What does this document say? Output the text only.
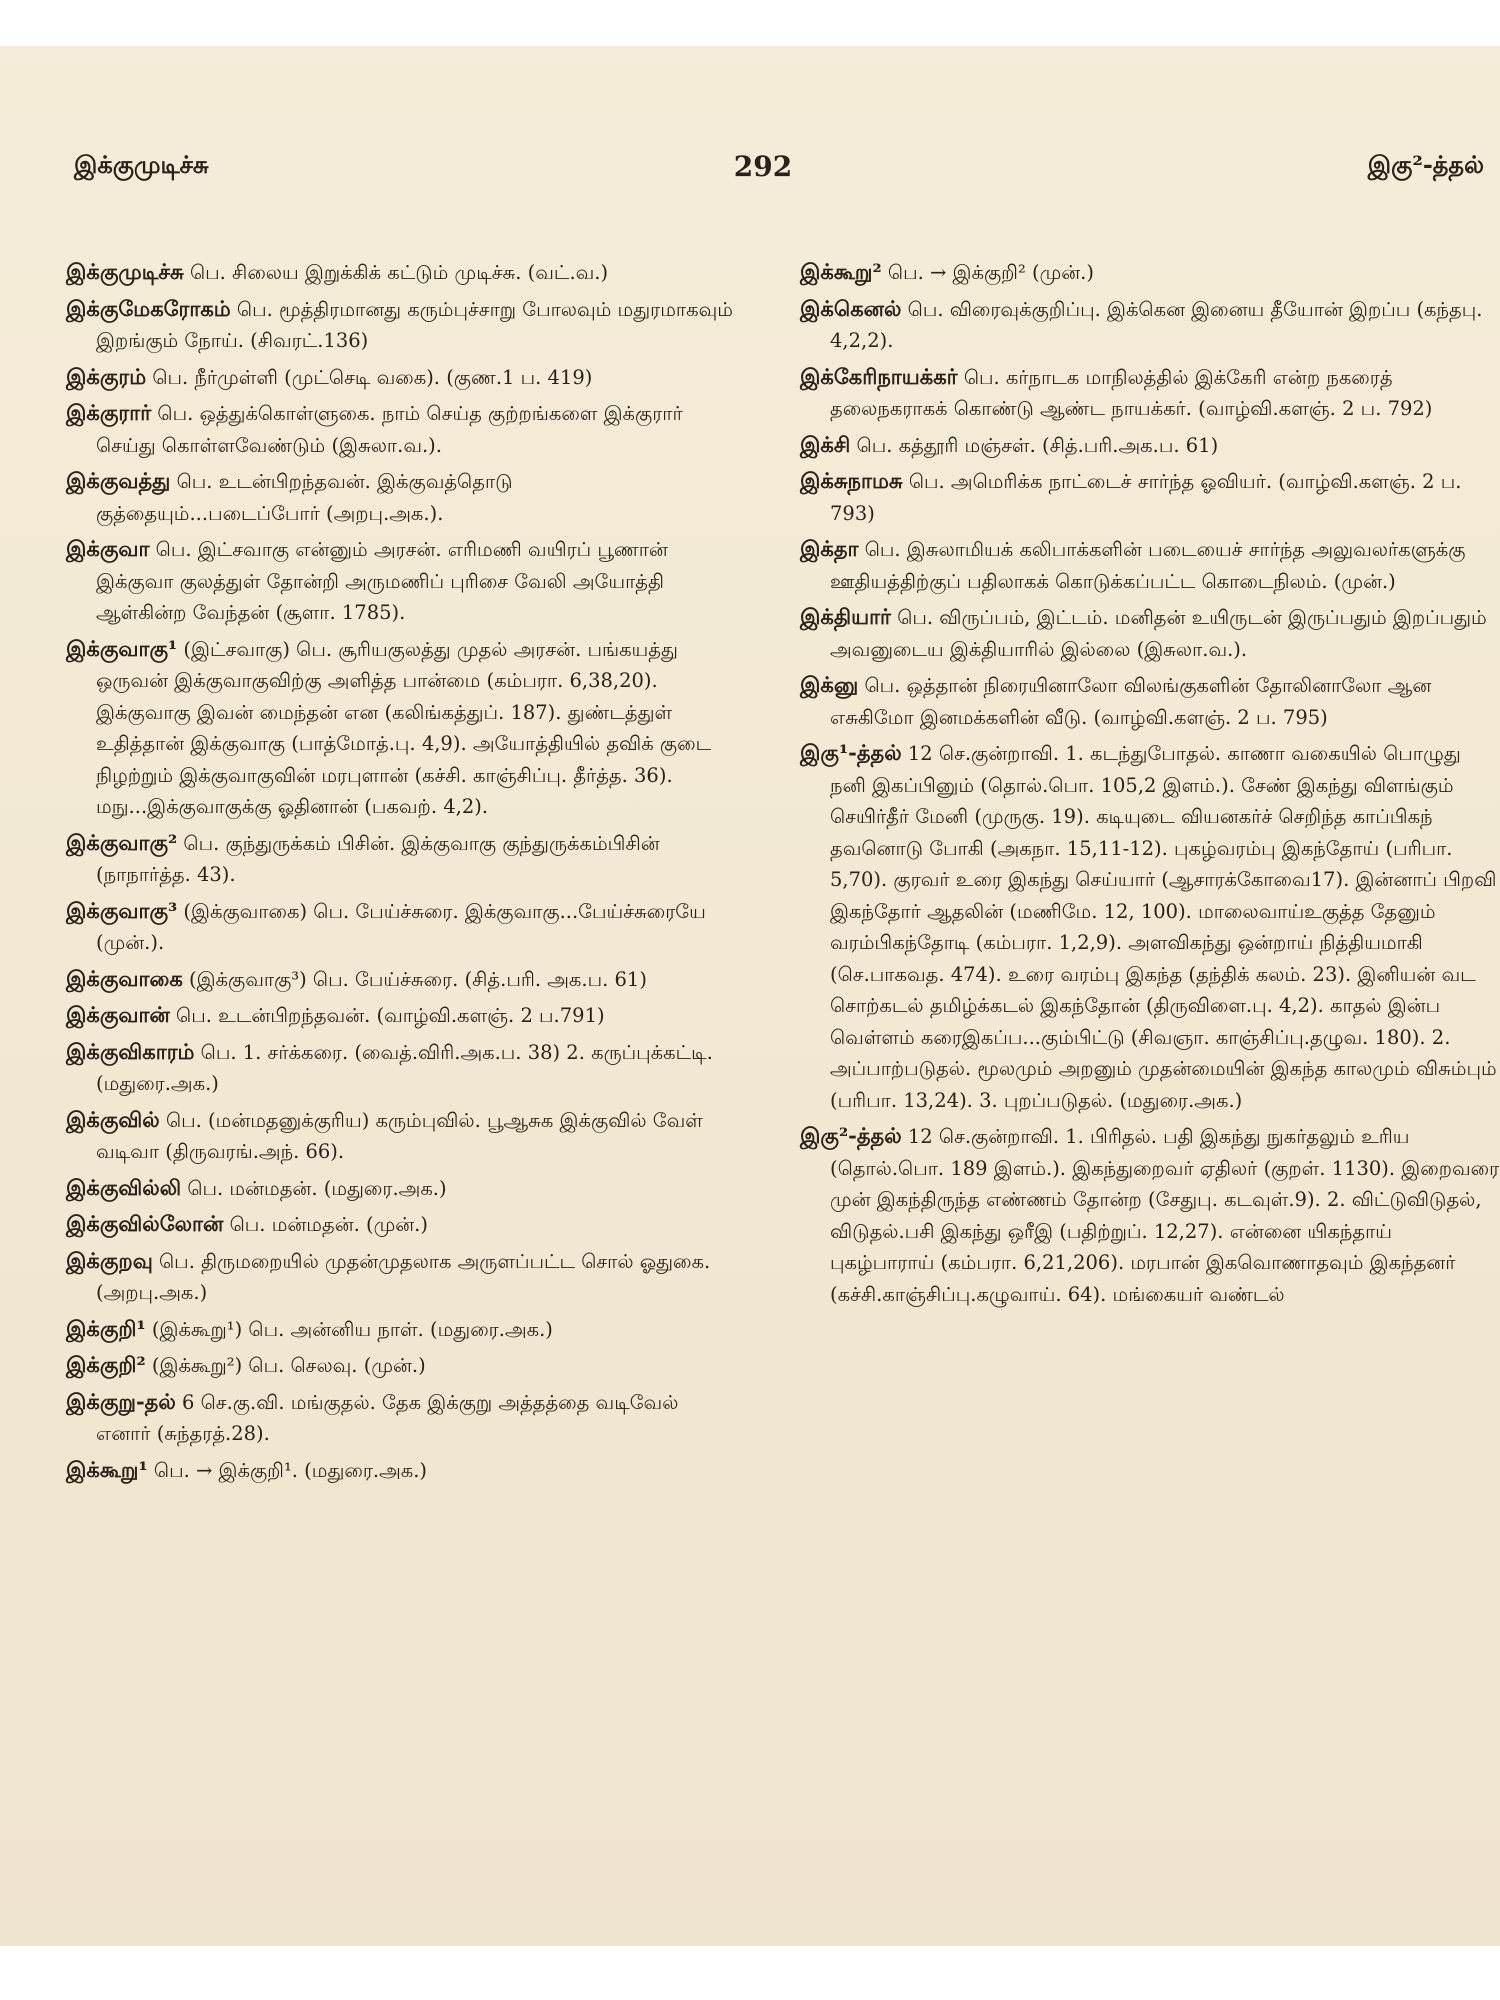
இக்குமுடிச்சு	292	இகு²-த்தல்

இக்குமுடிச்சு பெ. சிலைய இறுக்கிக் கட்டும் முடிச்சு. (வட்.வ.)

இக்குமேகரோகம் பெ. மூத்திரமானது கரும்புச்சாறு போலவும் மதுரமாகவும் இறங்கும் நோய். (சிவரட்.136)

இக்குரம் பெ. நீர்முள்ளி (முட்செடி வகை). (குண.1 ப. 419)

இக்குரார் பெ. ஒத்துக்கொள்ளுகை. நாம் செய்த குற்றங்களை இக்குரார் செய்து கொள்ளவேண்டும் (இசுலா.வ.).

இக்குவத்து பெ. உடன்பிறந்தவன். இக்குவத்தொடு குத்தையும்...படைப்போர் (அறபு.அக.).

இக்குவா பெ. இட்சவாகு என்னும் அரசன். எரிமணி வயிரப் பூணான் இக்குவா குலத்துள் தோன்றி அருமணிப் புரிசை வேலி அயோத்தி ஆள்கின்ற வேந்தன் (சூளா. 1785).

இக்குவாகு¹ (இட்சவாகு) பெ. சூரியகுலத்து முதல் அரசன். பங்கயத்து ஒருவன் இக்குவாகுவிற்கு அளித்த பான்மை (கம்பரா. 6,38,20). இக்குவாகு இவன் மைந்தன் என (கலிங்கத்துப். 187). துண்டத்துள் உதித்தான் இக்குவாகு (பாத்மோத்.பு. 4,9). அயோத்தியில் தவிக் குடை நிழற்றும் இக்குவாகுவின் மரபுளான் (கச்சி. காஞ்சிப்பு. தீர்த்த. 36). மநு...இக்குவாகுக்கு ஓதினான் (பகவற். 4,2).

இக்குவாகு² பெ. குந்துருக்கம் பிசின். இக்குவாகு குந்துருக்கம்பிசின் (நாநார்த்த. 43).

இக்குவாகு³ (இக்குவாகை) பெ. பேய்ச்சுரை. இக்குவாகு...பேய்ச்சுரையே (முன்.).

இக்குவாகை (இக்குவாகு³) பெ. பேய்ச்சுரை. (சித்.பரி. அக.ப. 61)

இக்குவான் பெ. உடன்பிறந்தவன். (வாழ்வி.களஞ். 2 ப.791)

இக்குவிகாரம் பெ. 1. சர்க்கரை. (வைத்.விரி.அக.ப. 38) 2. கருப்புக்கட்டி. (மதுரை.அக.)

இக்குவில் பெ. (மன்மதனுக்குரிய) கரும்புவில். பூஆசுக இக்குவில் வேள் வடிவா (திருவரங்.அந். 66).

இக்குவில்லி பெ. மன்மதன். (மதுரை.அக.)

இக்குவில்லோன் பெ. மன்மதன். (முன்.)

இக்குறவு பெ. திருமறையில் முதன்முதலாக அருளப்பட்ட சொல் ஓதுகை. (அறபு.அக.)

இக்குறி¹ (இக்கூறு¹) பெ. அன்னிய நாள். (மதுரை.அக.)

இக்குறி² (இக்கூறு²) பெ. செலவு. (முன்.)

இக்குறு-தல் 6 செ.கு.வி. மங்குதல். தேக இக்குறு அத்தத்தை வடிவேல் எனார் (சுந்தரத்.28).

இக்கூறு¹ பெ. → இக்குறி¹. (மதுரை.அக.)

இக்கூறு² பெ. → இக்குறி² (முன்.)

இக்கெனல் பெ. விரைவுக்குறிப்பு. இக்கென இனைய தீயோன் இறப்ப (கந்தபு. 4,2,2).

இக்கேரிநாயக்கர் பெ. கர்நாடக மாநிலத்தில் இக்கேரி என்ற நகரைத் தலைநகராகக் கொண்டு ஆண்ட நாயக்கர். (வாழ்வி.களஞ். 2 ப. 792)

இக்சி பெ. கத்தூரி மஞ்சள். (சித்.பரி.அக.ப. 61)

இக்சுநாமசு பெ. அமெரிக்க நாட்டைச் சார்ந்த ஓவியர். (வாழ்வி.களஞ். 2 ப. 793)

இக்தா பெ. இசுலாமியக் கலிபாக்களின் படையைச் சார்ந்த அலுவலர்களுக்கு ஊதியத்திற்குப் பதிலாகக் கொடுக்கப்பட்ட கொடைநிலம். (முன்.)

இக்தியார் பெ. விருப்பம், இட்டம். மனிதன் உயிருடன் இருப்பதும் இறப்பதும் அவனுடைய இக்தியாரில் இல்லை (இசுலா.வ.).

இக்னு பெ. ஒத்தான் நிரையினாலோ விலங்குகளின் தோலினாலோ ஆன எசுகிமோ இனமக்களின் வீடு. (வாழ்வி.களஞ். 2 ப. 795)

இகு¹-த்தல் 12 செ.குன்றாவி. 1. கடந்துபோதல். காணா வகையில் பொழுது நனி இகப்பினும் (தொல்.பொ. 105,2 இளம்.). சேண் இகந்து விளங்கும் செயிர்தீர் மேனி (முருகு. 19). கடியுடை வியனகர்ச் செறிந்த காப்பிகந் தவனொடு போகி (அகநா. 15,11-12). புகழ்வரம்பு இகந்தோய் (பரிபா. 5,70). குரவர் உரை இகந்து செய்யார் (ஆசாரக்கோவை17). இன்னாப் பிறவி இகந்தோர் ஆதலின் (மணிமே. 12, 100). மாலைவாய்உகுத்த தேனும் வரம்பிகந்தோடி (கம்பரா. 1,2,9). அளவிகந்து ஒன்றாய் நித்தியமாகி (செ.பாகவத. 474). உரை வரம்பு இகந்த (தந்திக் கலம். 23). இனியன் வட சொற்கடல் தமிழ்க்கடல் இகந்தோன் (திருவிளை.பு. 4,2). காதல் இன்ப வெள்ளம் கரைஇகப்ப...கும்பிட்டு (சிவஞா. காஞ்சிப்பு.தழுவ. 180). 2. அப்பாற்படுதல். மூலமும் அறனும் முதன்மையின் இகந்த காலமும் விசும்பும் (பரிபா. 13,24). 3. புறப்படுதல். (மதுரை.அக.)

இகு²-த்தல் 12 செ.குன்றாவி. 1. பிரிதல். பதி இகந்து நுகர்தலும் உரிய (தொல்.பொ. 189 இளம்.). இகந்துறைவர் ஏதிலர் (குறள். 1130). இறைவரை முன் இகந்திருந்த எண்ணம் தோன்ற (சேதுபு. கடவுள்.9). 2. விட்டுவிடுதல், விடுதல்.பசி இகந்து ஒரீஇ (பதிற்றுப். 12,27). என்னை யிகந்தாய் புகழ்பாராய் (கம்பரா. 6,21,206). மரபான் இகவொணாதவும் இகந்தனர் (கச்சி.காஞ்சிப்பு.கழுவாய். 64). மங்கையர் வண்டல்
